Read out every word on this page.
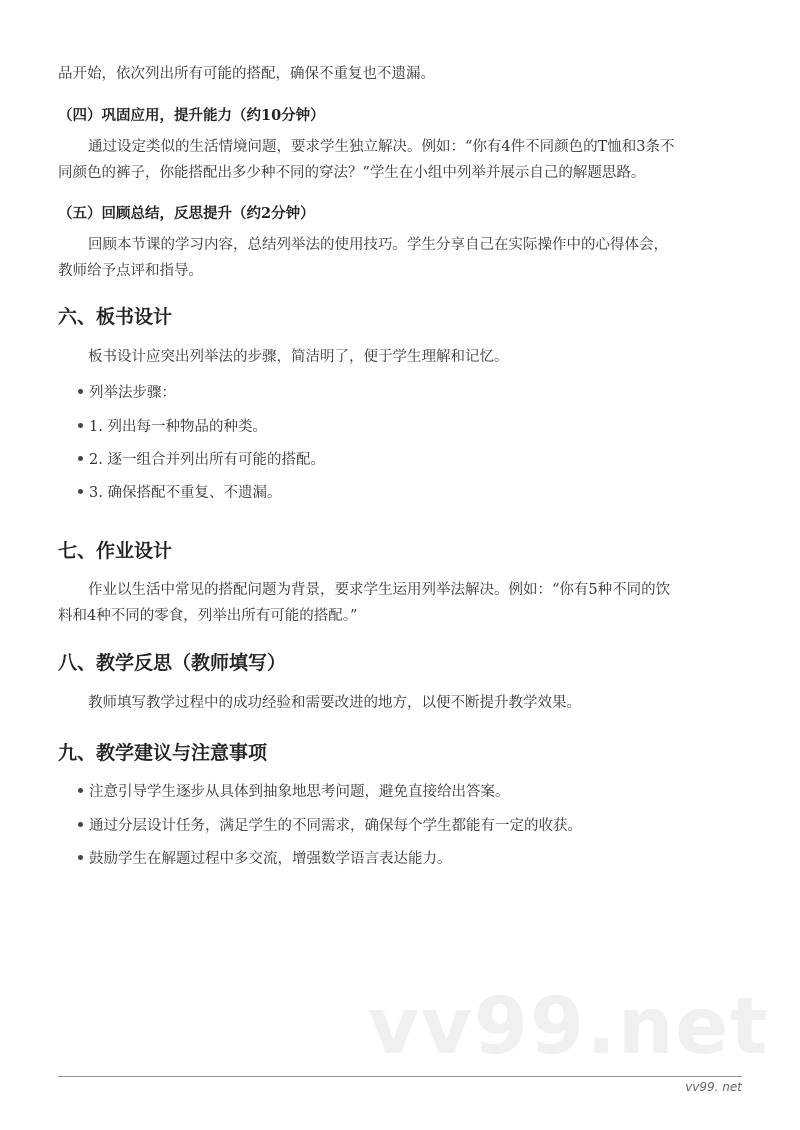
品开始，依次列出所有可能的搭配，确保不重复也不遗漏。
（四）巩固应用，提升能力（约10分钟）
通过设定类似的生活情境问题，要求学生独立解决。例如：“你有4件不同颜色的T恤和3条不
同颜色的裤子，你能搭配出多少种不同的穿法？”学生在小组中列举并展示自己的解题思路。
（五）回顾总结，反思提升（约2分钟）
回顾本节课的学习内容，总结列举法的使用技巧。学生分享自己在实际操作中的心得体会，
教师给予点评和指导。
六、板书设计
板书设计应突出列举法的步骤，简洁明了，便于学生理解和记忆。
列举法步骤：
1. 列出每一种物品的种类。
2. 逐一组合并列出所有可能的搭配。
3. 确保搭配不重复、不遗漏。
七、作业设计
作业以生活中常见的搭配问题为背景，要求学生运用列举法解决。例如：“你有5种不同的饮
料和4种不同的零食，列举出所有可能的搭配。”
八、教学反思（教师填写）
教师填写教学过程中的成功经验和需要改进的地方，以便不断提升教学效果。
九、教学建议与注意事项
注意引导学生逐步从具体到抽象地思考问题，避免直接给出答案。
通过分层设计任务，满足学生的不同需求，确保每个学生都能有一定的收获。
鼓励学生在解题过程中多交流，增强数学语言表达能力。
vv99.net
vv99. net
